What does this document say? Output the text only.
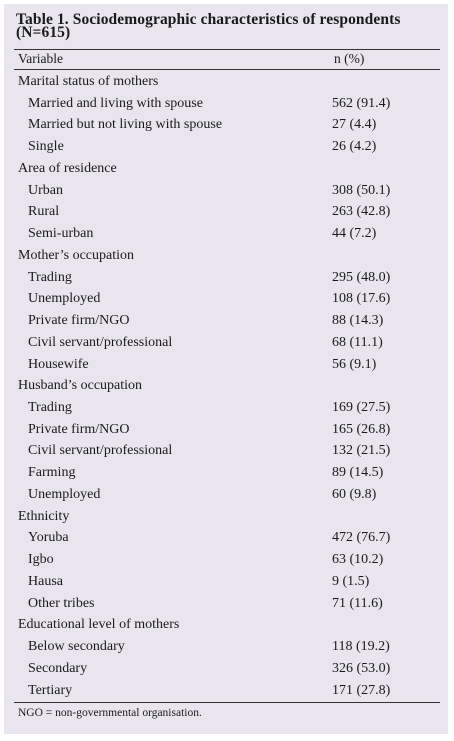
Table 1. Sociodemographic characteristics of respondents
(N=615)
Variable	n (%)
Marital status of mothers
Married and living with spouse	562 (91.4)
Married but not living with spouse	27 (4.4)
Single	26 (4.2)
Area of residence
Urban	308 (50.1)
Rural	263 (42.8)
Semi-urban	44 (7.2)
Mother’s occupation
Trading	295 (48.0)
Unemployed	108 (17.6)
Private firm/NGO	88 (14.3)
Civil servant/professional	68 (11.1)
Housewife	56 (9.1)
Husband’s occupation
Trading	169 (27.5)
Private firm/NGO	165 (26.8)
Civil servant/professional	132 (21.5)
Farming	89 (14.5)
Unemployed	60 (9.8)
Ethnicity
Yoruba	472 (76.7)
Igbo	63 (10.2)
Hausa	9 (1.5)
Other tribes	71 (11.6)
Educational level of mothers
Below secondary	118 (19.2)
Secondary	326 (53.0)
Tertiary	171 (27.8)
NGO = non-governmental organisation.
